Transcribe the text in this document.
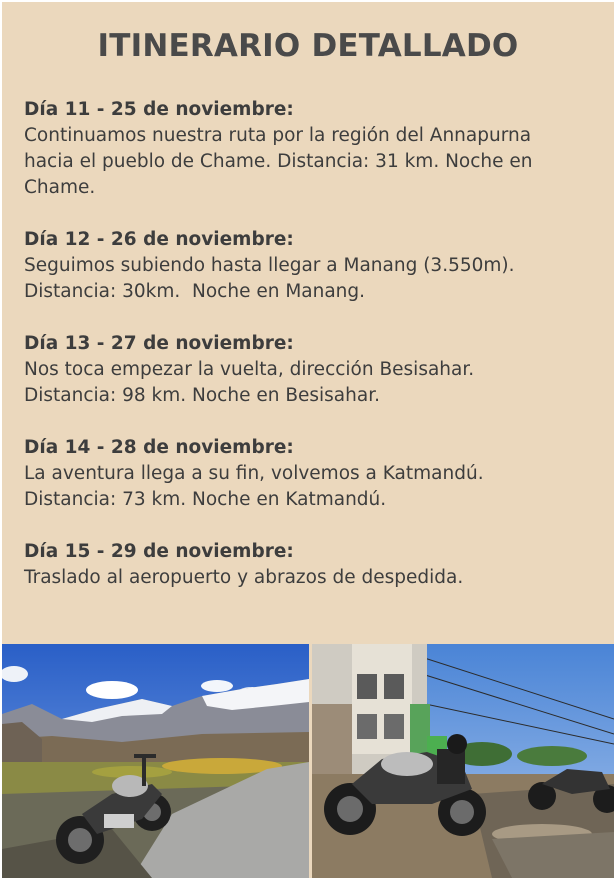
ITINERARIO DETALLADO

Día 11 - 25 de noviembre:

Continuamos nuestra ruta por la región del Annapurna

hacia el pueblo de Chame. Distancia: 31 km. Noche en

Chame.

Día 12 - 26 de noviembre:

Seguimos subiendo hasta llegar a Manang (3.550m).

Distancia: 30km.  Noche en Manang.

Día 13 - 27 de noviembre:

Nos toca empezar la vuelta, dirección Besisahar.

Distancia: 98 km. Noche en Besisahar.

Día 14 - 28 de noviembre:

La aventura llega a su fin, volvemos a Katmandú.

Distancia: 73 km. Noche en Katmandú.

Día 15 - 29 de noviembre:

Traslado al aeropuerto y abrazos de despedida.
